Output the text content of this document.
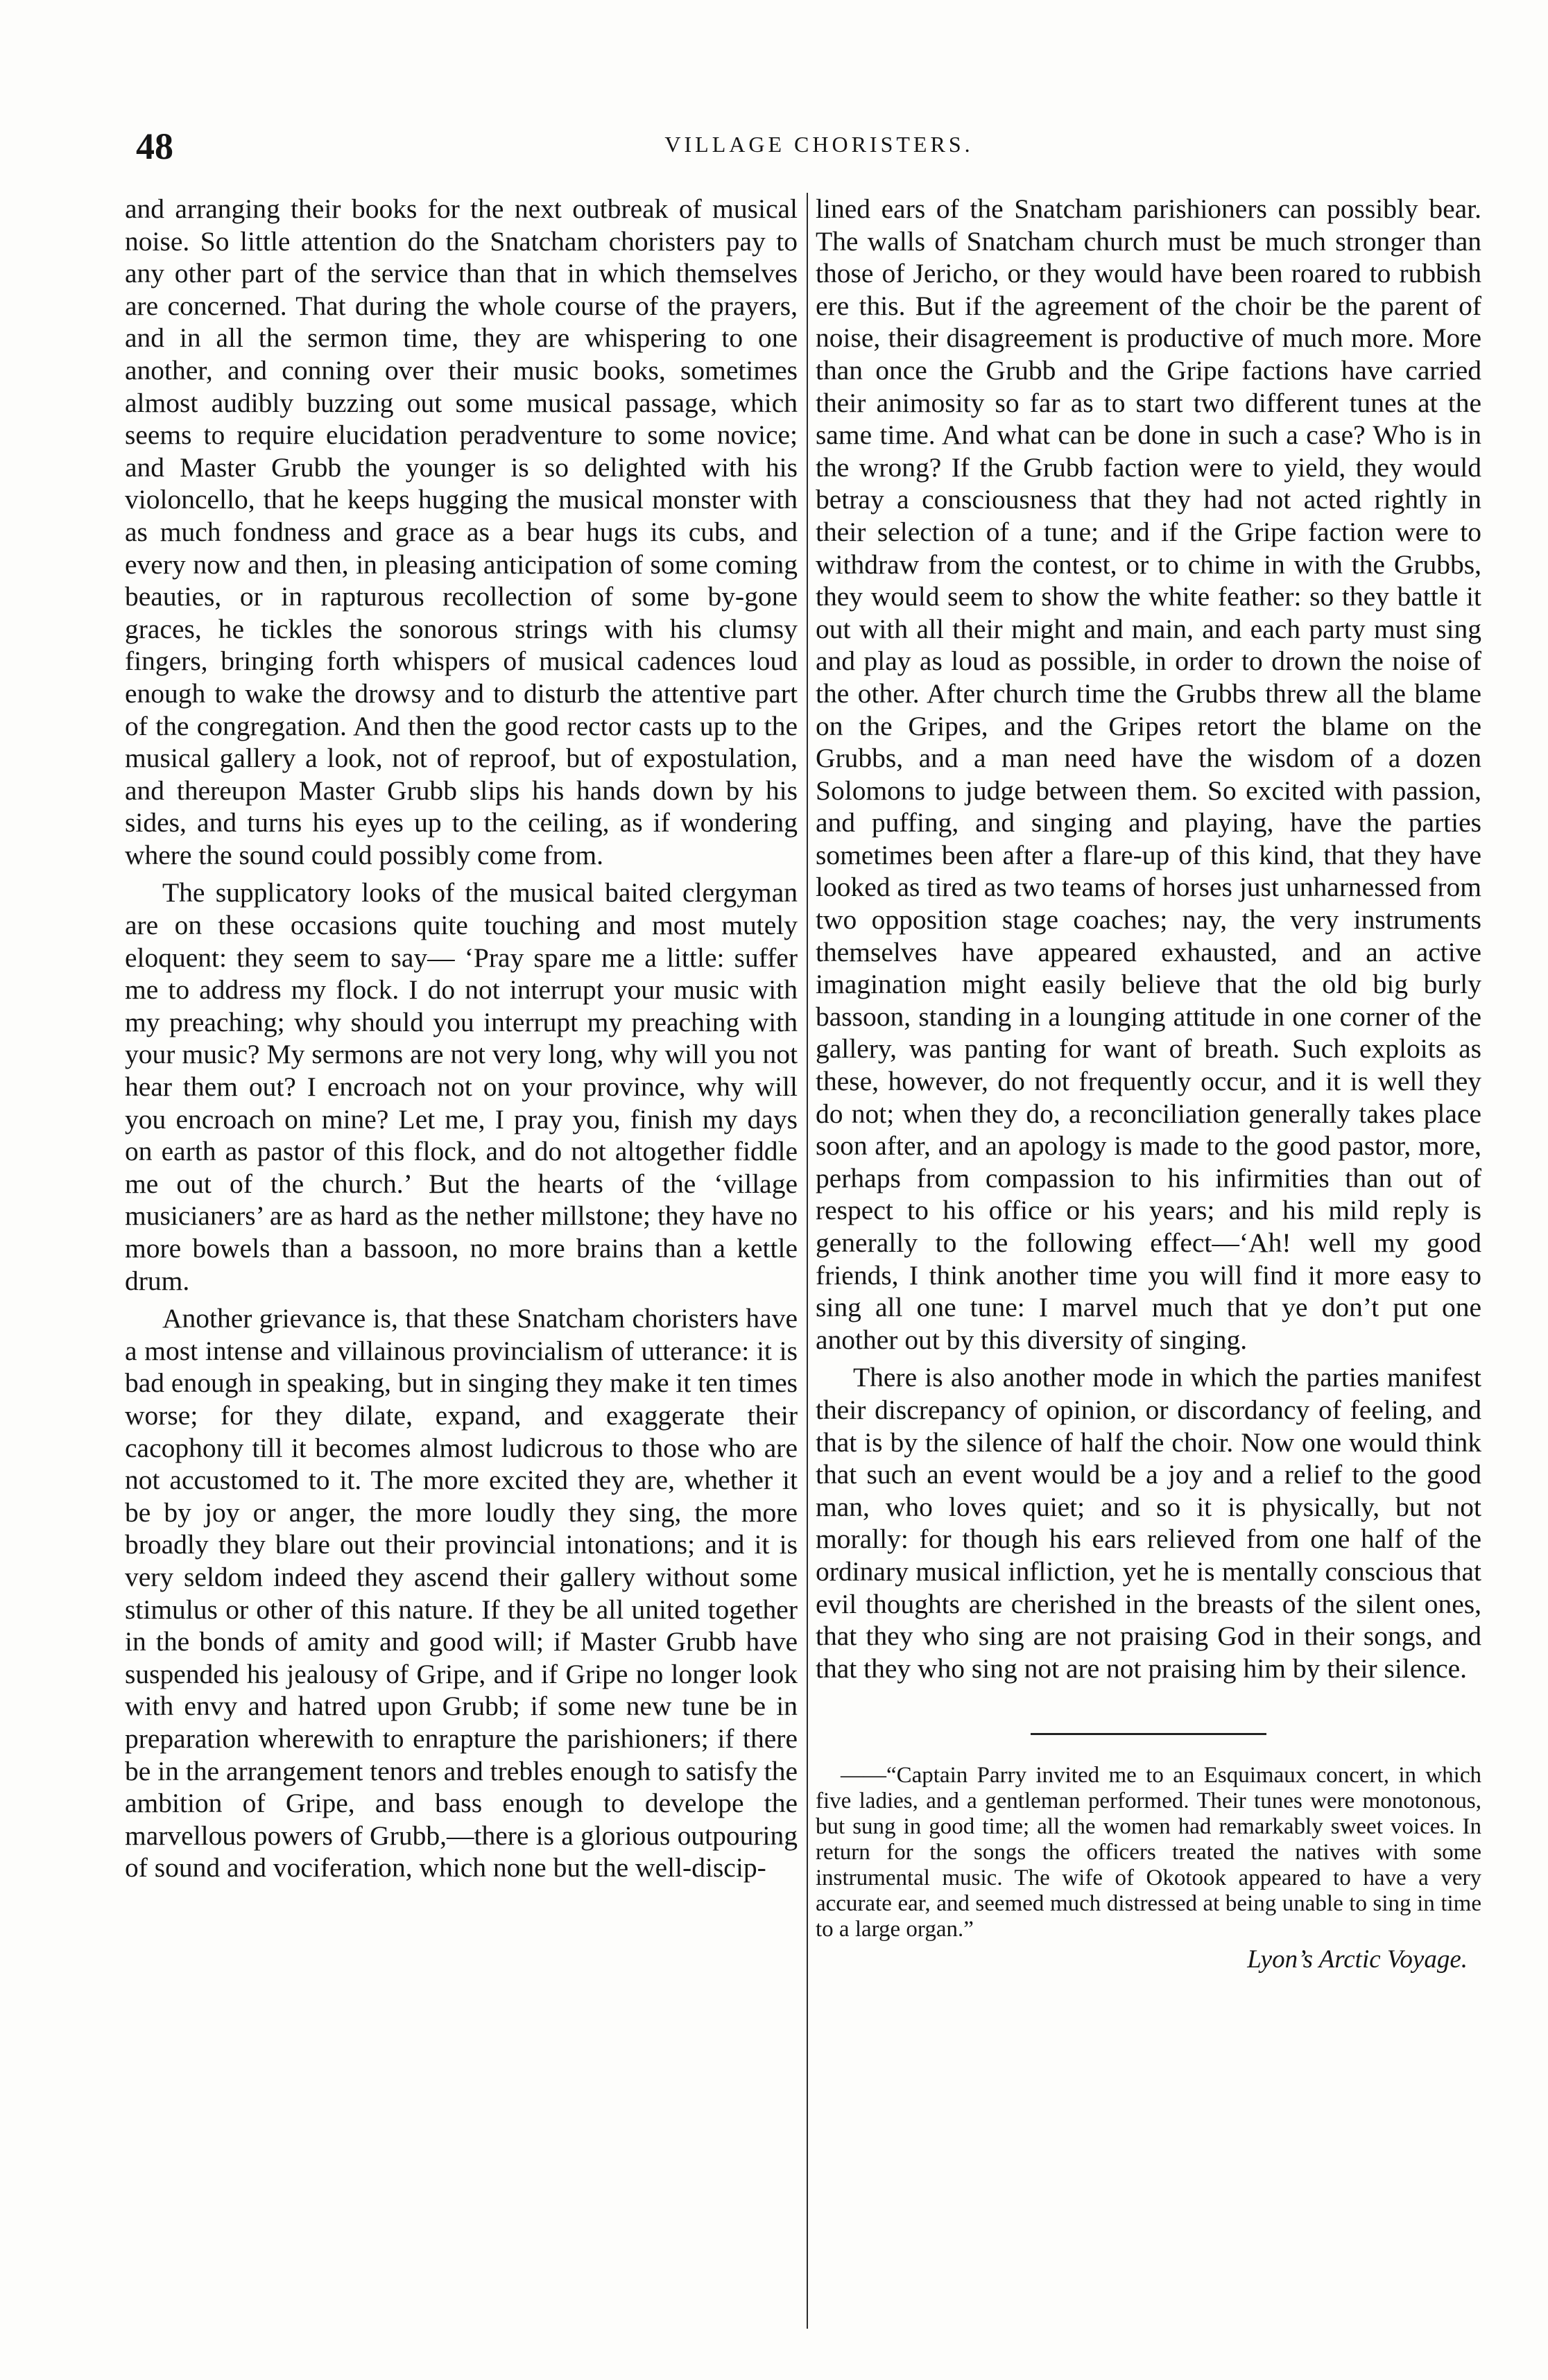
48	VILLAGE CHORISTERS.

and arranging their books for the next outbreak of musical noise. So little attention do the Snatcham choristers pay to any other part of the service than that in which themselves are concerned. That during the whole course of the prayers, and in all the sermon time, they are whispering to one another, and conning over their music books, sometimes almost audibly buzzing out some musical passage, which seems to require elucidation peradventure to some novice; and Master Grubb the younger is so delighted with his violoncello, that he keeps hugging the musical monster with as much fondness and grace as a bear hugs its cubs, and every now and then, in pleasing anticipation of some coming beauties, or in rapturous recollection of some by-gone graces, he tickles the sonorous strings with his clumsy fingers, bringing forth whispers of musical cadences loud enough to wake the drowsy and to disturb the attentive part of the congregation. And then the good rector casts up to the musical gallery a look, not of reproof, but of expostulation, and thereupon Master Grubb slips his hands down by his sides, and turns his eyes up to the ceiling, as if wondering where the sound could possibly come from.

The supplicatory looks of the musical baited clergyman are on these occasions quite touching and most mutely eloquent: they seem to say— ‘Pray spare me a little: suffer me to address my flock. I do not interrupt your music with my preaching; why should you interrupt my preaching with your music? My sermons are not very long, why will you not hear them out? I encroach not on your province, why will you encroach on mine? Let me, I pray you, finish my days on earth as pastor of this flock, and do not altogether fiddle me out of the church.’ But the hearts of the ‘village musicianers’ are as hard as the nether millstone; they have no more bowels than a bassoon, no more brains than a kettle drum.

Another grievance is, that these Snatcham choristers have a most intense and villainous provincialism of utterance: it is bad enough in speaking, but in singing they make it ten times worse; for they dilate, expand, and exaggerate their cacophony till it becomes almost ludicrous to those who are not accustomed to it. The more excited they are, whether it be by joy or anger, the more loudly they sing, the more broadly they blare out their provincial intonations; and it is very seldom indeed they ascend their gallery without some stimulus or other of this nature. If they be all united together in the bonds of amity and good will; if Master Grubb have suspended his jealousy of Gripe, and if Gripe no longer look with envy and hatred upon Grubb; if some new tune be in preparation wherewith to enrapture the parishioners; if there be in the arrangement tenors and trebles enough to satisfy the ambition of Gripe, and bass enough to develope the marvellous powers of Grubb,—there is a glorious outpouring of sound and vociferation, which none but the well-discip-

lined ears of the Snatcham parishioners can possibly bear. The walls of Snatcham church must be much stronger than those of Jericho, or they would have been roared to rubbish ere this. But if the agreement of the choir be the parent of noise, their disagreement is productive of much more. More than once the Grubb and the Gripe factions have carried their animosity so far as to start two different tunes at the same time. And what can be done in such a case? Who is in the wrong? If the Grubb faction were to yield, they would betray a consciousness that they had not acted rightly in their selection of a tune; and if the Gripe faction were to withdraw from the contest, or to chime in with the Grubbs, they would seem to show the white feather: so they battle it out with all their might and main, and each party must sing and play as loud as possible, in order to drown the noise of the other. After church time the Grubbs threw all the blame on the Gripes, and the Gripes retort the blame on the Grubbs, and a man need have the wisdom of a dozen Solomons to judge between them. So excited with passion, and puffing, and singing and playing, have the parties sometimes been after a flare-up of this kind, that they have looked as tired as two teams of horses just unharnessed from two opposition stage coaches; nay, the very instruments themselves have appeared exhausted, and an active imagination might easily believe that the old big burly bassoon, standing in a lounging attitude in one corner of the gallery, was panting for want of breath. Such exploits as these, however, do not frequently occur, and it is well they do not; when they do, a reconciliation generally takes place soon after, and an apology is made to the good pastor, more, perhaps from compassion to his infirmities than out of respect to his office or his years; and his mild reply is generally to the following effect—‘Ah! well my good friends, I think another time you will find it more easy to sing all one tune: I marvel much that ye don’t put one another out by this diversity of singing.

There is also another mode in which the parties manifest their discrepancy of opinion, or discordancy of feeling, and that is by the silence of half the choir. Now one would think that such an event would be a joy and a relief to the good man, who loves quiet; and so it is physically, but not morally: for though his ears relieved from one half of the ordinary musical infliction, yet he is mentally conscious that evil thoughts are cherished in the breasts of the silent ones, that they who sing are not praising God in their songs, and that they who sing not are not praising him by their silence.

——“Captain Parry invited me to an Esquimaux concert, in which five ladies, and a gentleman performed. Their tunes were monotonous, but sung in good time; all the women had remarkably sweet voices. In return for the songs the officers treated the natives with some instrumental music. The wife of Okotook appeared to have a very accurate ear, and seemed much distressed at being unable to sing in time to a large organ.”

Lyon’s Arctic Voyage.
